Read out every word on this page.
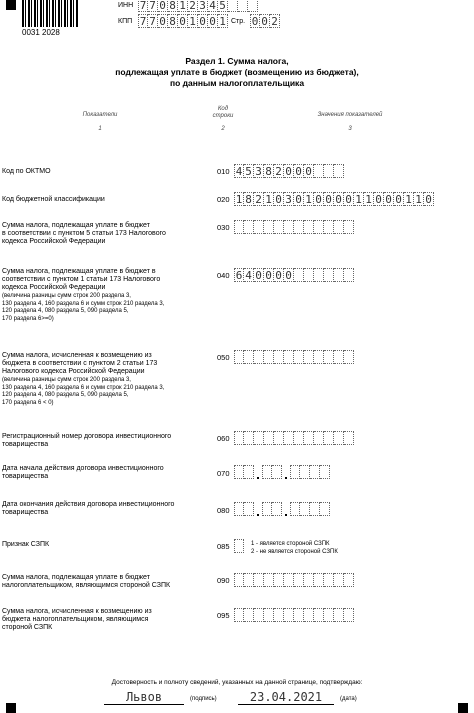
0031 2028
ИНН 7 7 0 8 1 2 3 4 5
КПП 7 7 0 8 0 1 0 0 1 Стр. 0 0 2
Раздел 1. Сумма налога,
подлежащая уплате в бюджет (возмещению из бюджета),
по данным налогоплательщика
Показатели
1
Код
строки
2
Значения показателей
3
Код по ОКТМО	010 4 5 3 8 2 0 0 0
Код бюджетной классификации	020 1 8 2 1 0 3 0 1 0 0 0 0 1 1 0 0 0 1 1 0
Сумма налога, подлежащая уплате в бюджет
в соответствии с пунктом 5 статьи 173 Налогового
кодекса Российской Федерации
030
Сумма налога, подлежащая уплате в бюджет в
соответствии с пунктом 1 статьи 173 Налогового
кодекса Российской Федерации
(величина разницы сумм строк 200 раздела 3,
130 раздела 4, 160 раздела 6 и сумм строк 210 раздела 3,
120 раздела 4, 080 раздела 5, 090 раздела 5,
170 раздела 6>=0)
040 6 4 0 0 0 0
Сумма налога, исчисленная к возмещению из
бюджета в соответствии с пунктом 2 статьи 173
Налогового кодекса Российской Федерации
(величина разницы сумм строк 200 раздела 3,
130 раздела 4, 160 раздела 6 и сумм строк 210 раздела 3,
120 раздела 4, 080 раздела 5, 090 раздела 5,
170 раздела 6 < 0)
050
Регистрационный номер договора инвестиционного
товарищества
060
Дата начала действия договора инвестиционного
товарищества	070
Дата окончания действия договора инвестиционного
товарищества	080
Признак СЗПК	085	1 - является стороной СЗПК
2 - не является стороной СЗПК
Сумма налога, подлежащая уплате в бюджет
налогоплательщиком, являющимся стороной СЗПК
090
Сумма налога, исчисленная к возмещению из
бюджета налогоплательщиком, являющимся
стороной СЗПК
095
Достоверность и полноту сведений, указанных на данной странице, подтверждаю:
Львов	(подпись)	23.04.2021	(дата)
